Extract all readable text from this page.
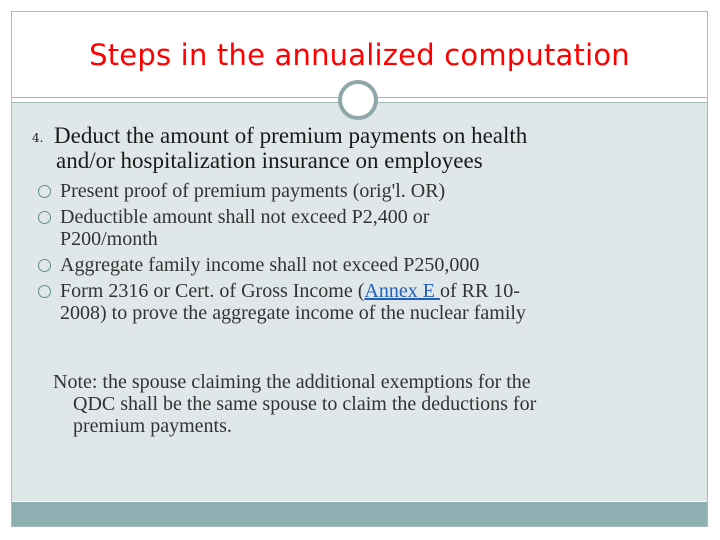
Steps in the annualized computation
4. Deduct the amount of premium payments on health
and/or hospitalization insurance on employees
Present proof of premium payments (orig'l. OR)
Deductible amount shall not exceed P2,400 or
P200/month
Aggregate family income shall not exceed P250,000
Form 2316 or Cert. of Gross Income (Annex E of RR 10-
2008) to prove the aggregate income of the nuclear family
Note: the spouse claiming the additional exemptions for the
QDC shall be the same spouse to claim the deductions for
premium payments.
